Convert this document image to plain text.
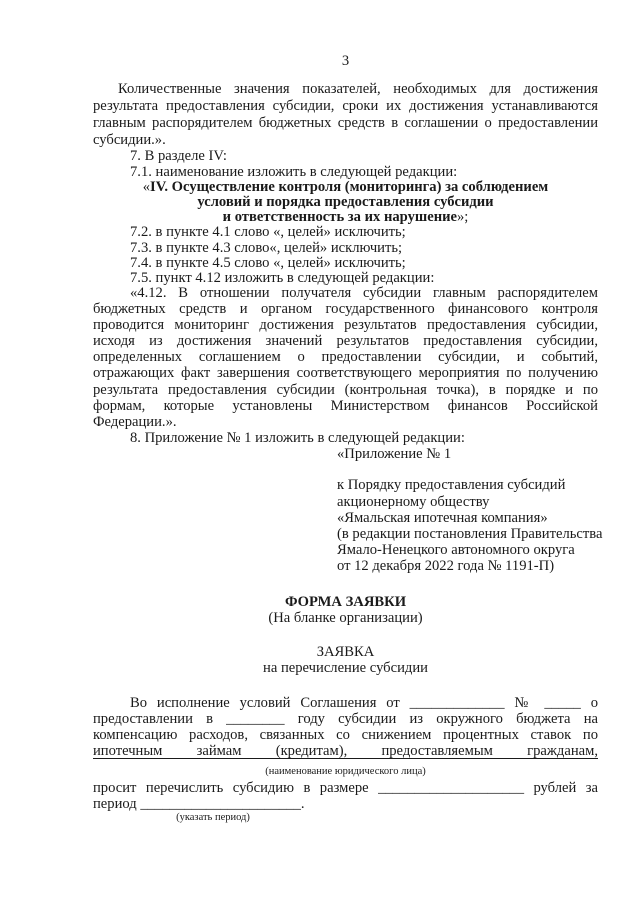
3
Количественные значения показателей, необходимых для достижения
результата предоставления субсидии, сроки их достижения устанавливаются
главным распорядителем бюджетных средств в соглашении о предоставлении
субсидии.».
7. В разделе IV:
7.1. наименование изложить в следующей редакции:
«IV. Осуществление контроля (мониторинга) за соблюдением
условий и порядка предоставления субсидии
и ответственность за их нарушение»;
7.2. в пункте 4.1 слово «, целей» исключить;
7.3. в пункте 4.3 слово«, целей» исключить;
7.4. в пункте 4.5 слово «, целей» исключить;
7.5. пункт 4.12 изложить в следующей редакции:
«4.12. В отношении получателя субсидии главным распорядителем
бюджетных средств и органом государственного финансового контроля
проводится мониторинг достижения результатов предоставления субсидии,
исходя из достижения значений результатов предоставления субсидии,
определенных соглашением о предоставлении субсидии, и событий,
отражающих факт завершения соответствующего мероприятия по получению
результата предоставления субсидии (контрольная точка), в порядке и по
формам, которые установлены Министерством финансов Российской
Федерации.».
8. Приложение № 1 изложить в следующей редакции:
«Приложение № 1
к Порядку предоставления субсидий
акционерному обществу
«Ямальская ипотечная компания»
(в редакции постановления Правительства
Ямало-Ненецкого автономного округа
от 12 декабря 2022 года № 1191-П)
ФОРМА ЗАЯВКИ
(На бланке организации)
ЗАЯВКА
на перечисление субсидии
Во исполнение условий Соглашения от _____________ № _____ о
предоставлении в ________ году субсидии из окружного бюджета на
компенсацию расходов, связанных со снижением процентных ставок по
ипотечным займам (кредитам), предоставляемым гражданам,
(наименование юридического лица)
просит перечислить субсидию в размере ____________________ рублей за
период ______________________.
(указать период)
